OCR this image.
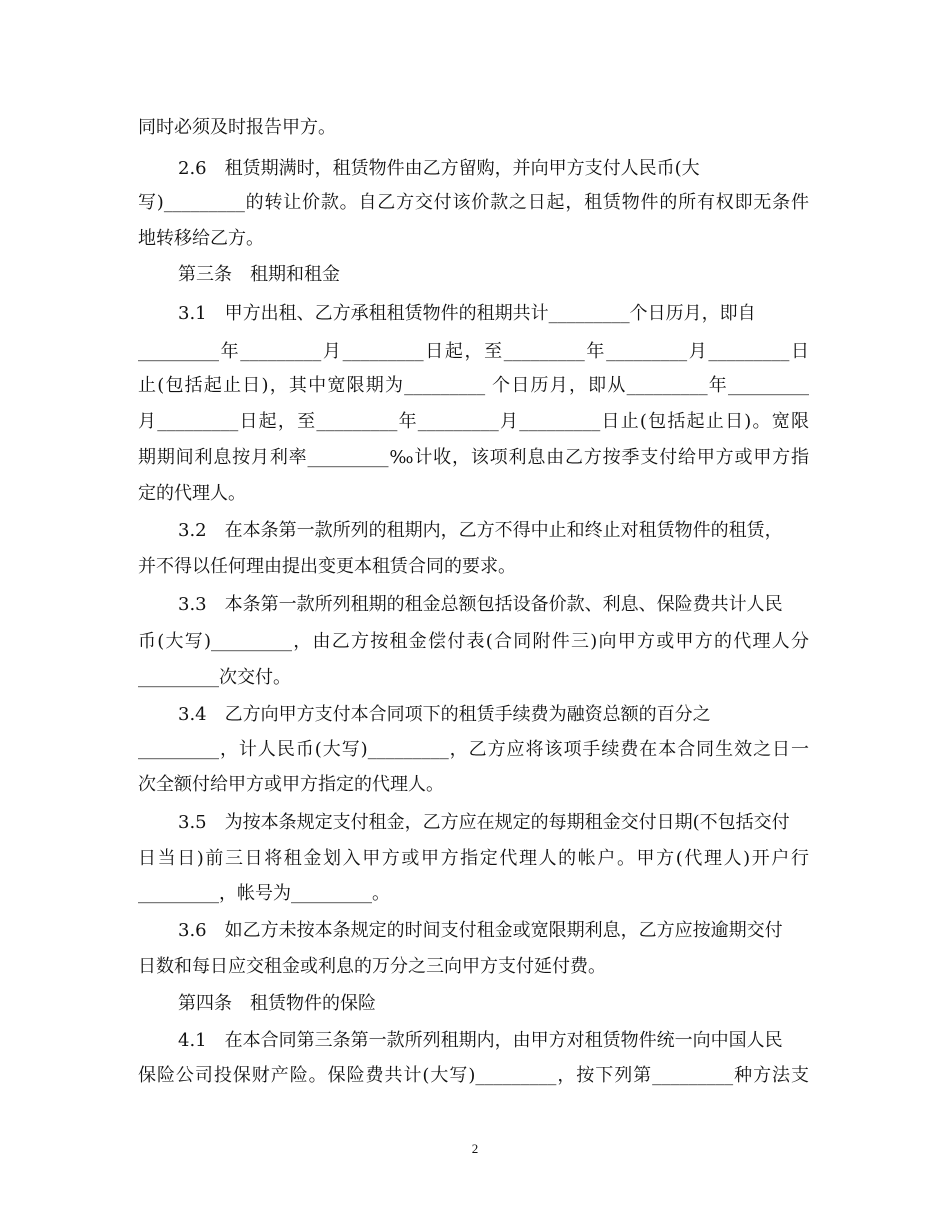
同时必须及时报告甲方。
2.6　租赁期满时，租赁物件由乙方留购，并向甲方支付人民币(大
写)_________的转让价款。自乙方交付该价款之日起，租赁物件的所有权即无条件
地转移给乙方。
第三条　租期和租金
3.1　甲方出租、乙方承租租赁物件的租期共计_________个日历月，即自
_________年_________月_________日起，至_________年_________月_________日
止(包括起止日)，其中宽限期为_________ 个日历月，即从_________年_________
月_________日起，至_________年_________月_________日止(包括起止日)。宽限
期期间利息按月利率_________‰计收，该项利息由乙方按季支付给甲方或甲方指
定的代理人。
3.2　在本条第一款所列的租期内，乙方不得中止和终止对租赁物件的租赁，
并不得以任何理由提出变更本租赁合同的要求。
3.3　本条第一款所列租期的租金总额包括设备价款、利息、保险费共计人民
币(大写)_________，由乙方按租金偿付表(合同附件三)向甲方或甲方的代理人分
_________次交付。
3.4　乙方向甲方支付本合同项下的租赁手续费为融资总额的百分之
_________，计人民币(大写)_________，乙方应将该项手续费在本合同生效之日一
次全额付给甲方或甲方指定的代理人。
3.5　为按本条规定支付租金，乙方应在规定的每期租金交付日期(不包括交付
日当日)前三日将租金划入甲方或甲方指定代理人的帐户。甲方(代理人)开户行
_________，帐号为_________。
3.6　如乙方未按本条规定的时间支付租金或宽限期利息，乙方应按逾期交付
日数和每日应交租金或利息的万分之三向甲方支付延付费。
第四条　租赁物件的保险
4.1　在本合同第三条第一款所列租期内，由甲方对租赁物件统一向中国人民
保险公司投保财产险。保险费共计(大写)_________，按下列第_________种方法支
2
